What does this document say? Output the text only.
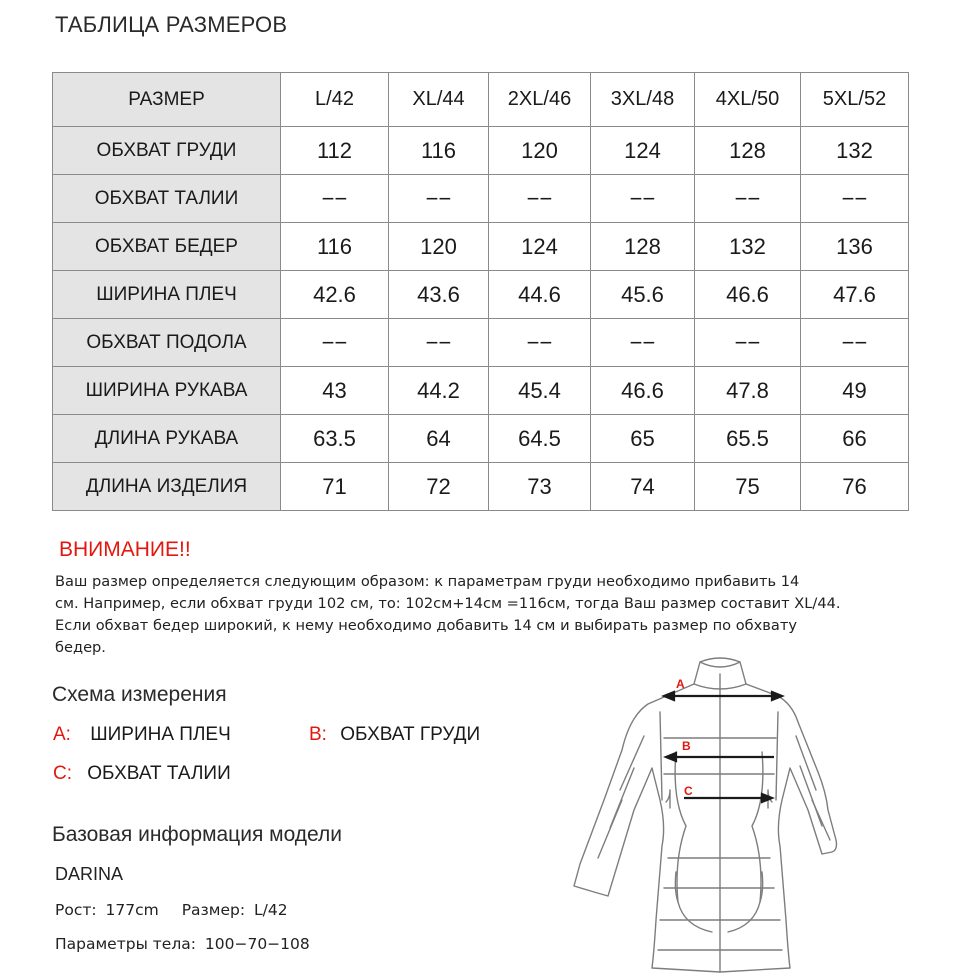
ТАБЛИЦА РАЗМЕРОВ
РАЗМЕР	L/42	XL/44	2XL/46	3XL/48	4XL/50	5XL/52
ОБХВАТ ГРУДИ	112	116	120	124	128	132
ОБХВАТ ТАЛИИ	−−	−−	−−	−−	−−	−−
ОБХВАТ БЕДЕР	116	120	124	128	132	136
ШИРИНА ПЛЕЧ	42.6	43.6	44.6	45.6	46.6	47.6
ОБХВАТ ПОДОЛА	−−	−−	−−	−−	−−	−−
ШИРИНА РУКАВА	43	44.2	45.4	46.6	47.8	49
ДЛИНА РУКАВА	63.5	64	64.5	65	65.5	66
ДЛИНА ИЗДЕЛИЯ	71	72	73	74	75	76
ВНИМАНИЕ!!
Ваш размер определяется следующим образом: к параметрам груди необходимо прибавить 14
см. Например, если обхват груди 102 см, то: 102см+14см =116см, тогда Ваш размер составит XL/44.
Если обхват бедер широкий, к нему необходимо добавить 14 см и выбирать размер по обхвату
бедер.
Схема измерения
A: ШИРИНА ПЛЕЧ	B: ОБХВАТ ГРУДИ
C: ОБХВАТ ТАЛИИ
Базовая информация модели
DARINA
Рост: 177cm Размер: L/42
Параметры тела: 100−70−108
A
B
C
